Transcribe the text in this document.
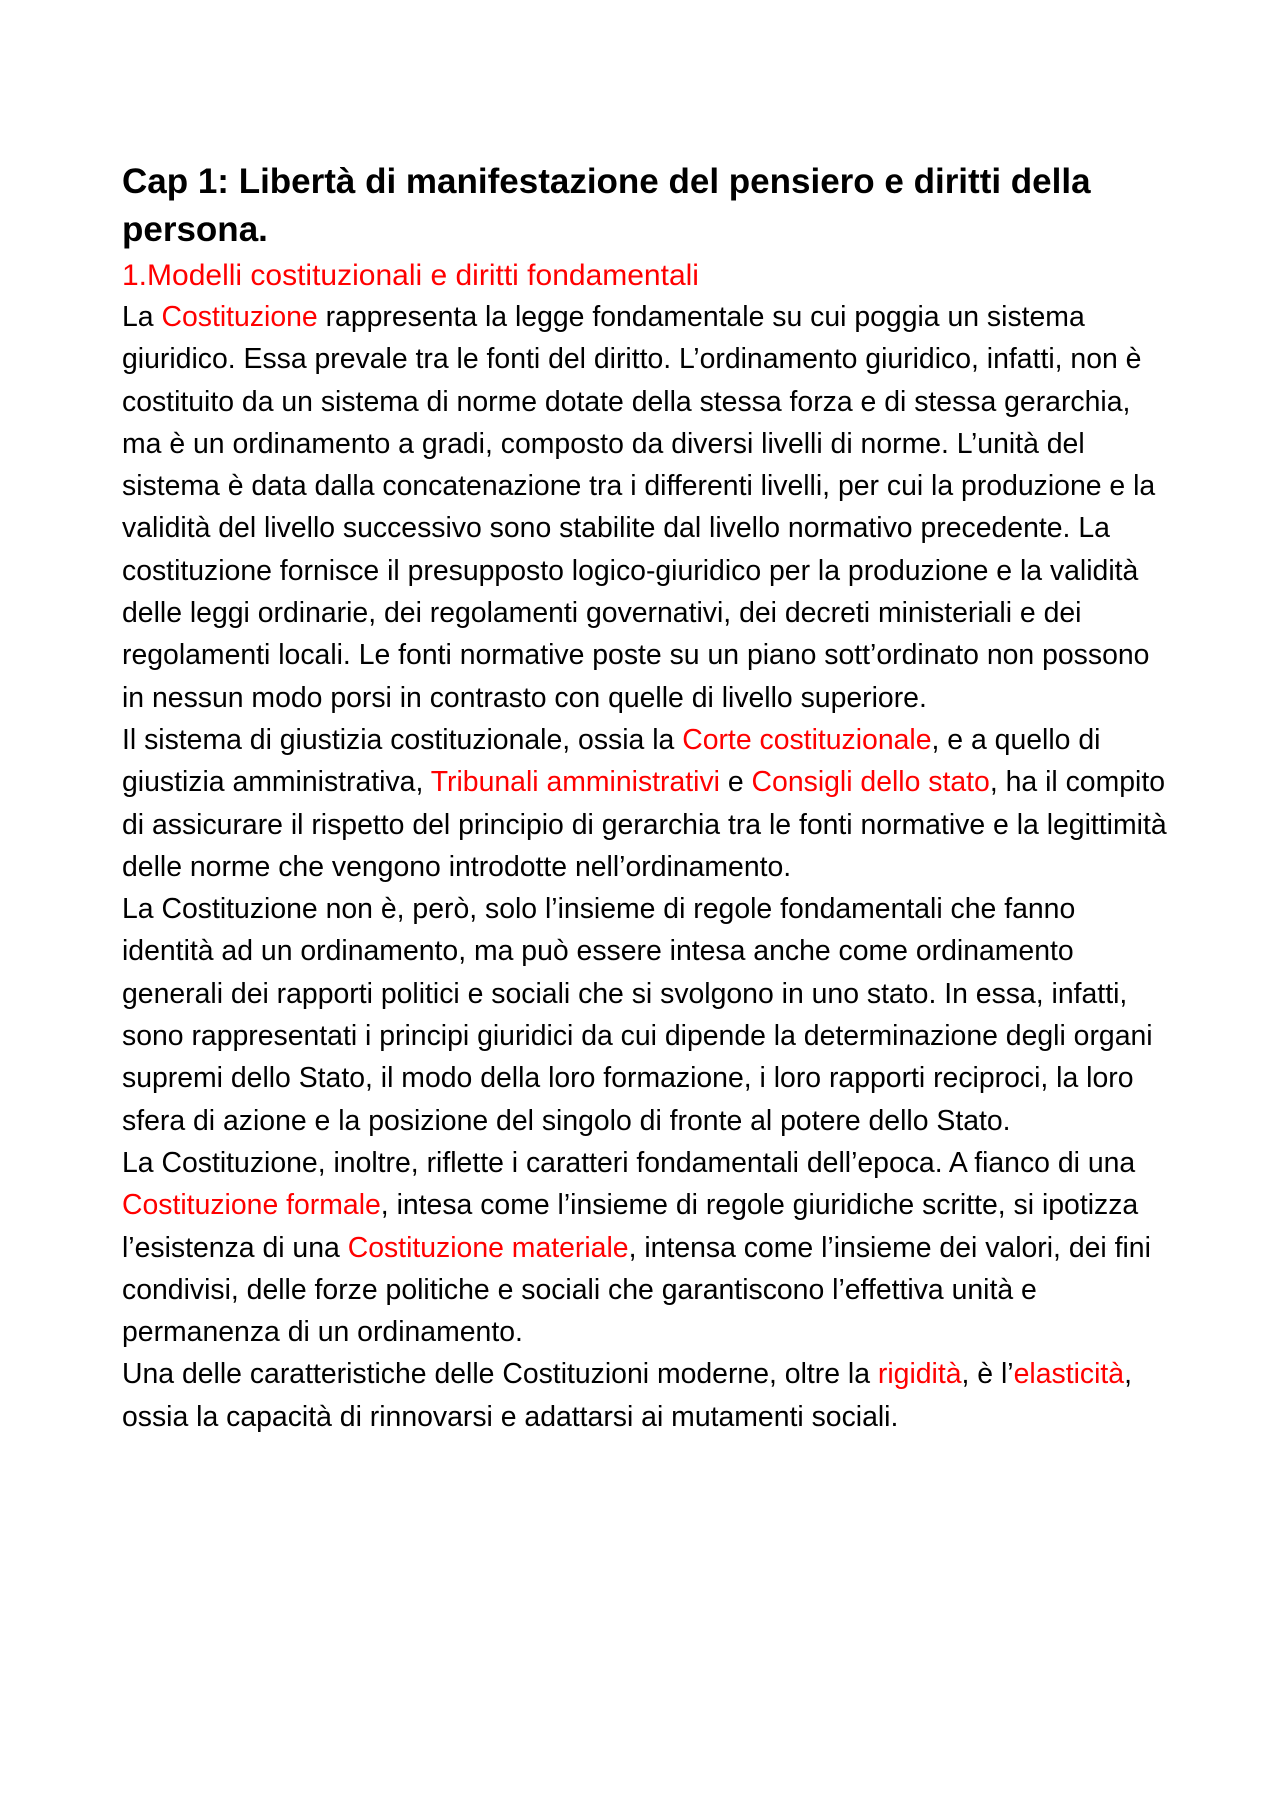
Cap 1: Libertà di manifestazione del pensiero e diritti della persona.
1.Modelli costituzionali e diritti fondamentali

La Costituzione rappresenta la legge fondamentale su cui poggia un sistema giuridico. Essa prevale tra le fonti del diritto. L’ordinamento giuridico, infatti, non è costituito da un sistema di norme dotate della stessa forza e di stessa gerarchia, ma è un ordinamento a gradi, composto da diversi livelli di norme. L’unità del sistema è data dalla concatenazione tra i differenti livelli, per cui la produzione e la validità del livello successivo sono stabilite dal livello normativo precedente. La costituzione fornisce il presupposto logico-giuridico per la produzione e la validità delle leggi ordinarie, dei regolamenti governativi, dei decreti ministeriali e dei regolamenti locali. Le fonti normative poste su un piano sott’ordinato non possono in nessun modo porsi in contrasto con quelle di livello superiore.

Il sistema di giustizia costituzionale, ossia la Corte costituzionale, e a quello di giustizia amministrativa, Tribunali amministrativi e Consigli dello stato, ha il compito di assicurare il rispetto del principio di gerarchia tra le fonti normative e la legittimità delle norme che vengono introdotte nell’ordinamento.

La Costituzione non è, però, solo l’insieme di regole fondamentali che fanno identità ad un ordinamento, ma può essere intesa anche come ordinamento generali dei rapporti politici e sociali che si svolgono in uno stato. In essa, infatti, sono rappresentati i principi giuridici da cui dipende la determinazione degli organi supremi dello Stato, il modo della loro formazione, i loro rapporti reciproci, la loro sfera di azione e la posizione del singolo di fronte al potere dello Stato.

La Costituzione, inoltre, riflette i caratteri fondamentali dell’epoca. A fianco di una Costituzione formale, intesa come l’insieme di regole giuridiche scritte, si ipotizza l’esistenza di una Costituzione materiale, intensa come l’insieme dei valori, dei fini condivisi, delle forze politiche e sociali che garantiscono l’effettiva unità e permanenza di un ordinamento.

Una delle caratteristiche delle Costituzioni moderne, oltre la rigidità, è l’elasticità, ossia la capacità di rinnovarsi e adattarsi ai mutamenti sociali.
